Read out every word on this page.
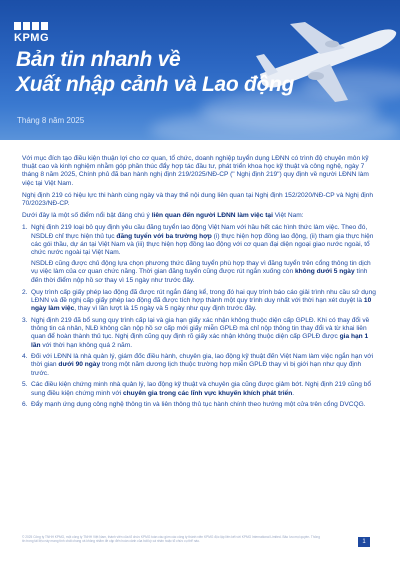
KPMG
Bản tin nhanh về
Xuất nhập cảnh và Lao động
Tháng 8 năm 2025

Với mục đích tạo điều kiện thuận lợi cho cơ quan, tổ chức, doanh nghiệp tuyển dụng LĐNN có trình độ chuyên môn kỹ thuật cao và kinh nghiệm nhằm góp phần thúc đẩy hợp tác đầu tư, phát triển khoa học kỹ thuật và công nghệ, ngày 7 tháng 8 năm 2025, Chính phủ đã ban hành nghị định 219/2025/NĐ-CP (" Nghị định 219") quy định về người LĐNN làm việc tại Việt Nam.

Nghị định 219 có hiệu lực thi hành cùng ngày và thay thế nội dung liên quan tại Nghị định 152/2020/NĐ-CP và Nghị định 70/2023/NĐ-CP.

Dưới đây là một số điểm nổi bật đáng chú ý liên quan đến người LĐNN làm việc tại Việt Nam:

1. Nghị định 219 loại bỏ quy định yêu cầu đăng tuyển lao động Việt Nam với hầu hết các hình thức làm việc. Theo đó, NSDLĐ chỉ thực hiện thủ tục đăng tuyển với ba trường hợp (i) thực hiện hợp đồng lao động, (ii) tham gia thực hiện các gói thầu, dự án tại Việt Nam và (iii) thực hiện hợp đồng lao động với cơ quan đại diện ngoại giao nước ngoài, tổ chức nước ngoài tại Việt Nam.

NSDLĐ cũng được chủ động lựa chọn phương thức đăng tuyển phù hợp thay vì đăng tuyển trên cổng thông tin dịch vụ việc làm của cơ quan chức năng. Thời gian đăng tuyển cũng được rút ngắn xuống còn không dưới 5 ngày tính đến thời điểm nộp hồ sơ thay vì 15 ngày như trước đây.

2. Quy trình cấp giấy phép lao động đã được rút ngắn đáng kể, trong đó hai quy trình báo cáo giải trình nhu cầu sử dụng LĐNN và đề nghị cấp giấy phép lao động đã được tích hợp thành một quy trình duy nhất với thời hạn xét duyệt là 10 ngày làm việc, thay vì lần lượt là 15 ngày và 5 ngày như quy định trước đây.
3. Nghị định 219 đã bổ sung quy trình cấp lại và gia hạn giấy xác nhận không thuộc diện cấp GPLĐ. Khi có thay đổi về thông tin cá nhân, NLĐ không cần nộp hồ sơ cấp mới giấy miễn GPLĐ mà chỉ nộp thông tin thay đổi và từ khai liên quan để hoàn thành thủ tục. Nghị định cũng quy định rõ giấy xác nhận không thuộc diện cấp GPLĐ được gia hạn 1 lần với thời hạn không quá 2 năm.
4. Đối với LĐNN là nhà quản lý, giám đốc điều hành, chuyên gia, lao động kỹ thuật đến Việt Nam làm việc ngắn hạn với thời gian dưới 90 ngày trong một năm dương lịch thuộc trường hợp miễn GPLĐ thay vì bị giới hạn như quy định trước.
5. Các điều kiện chứng minh nhà quản lý, lao động kỹ thuật và chuyên gia cũng được giảm bớt. Nghị định 219 cũng bổ sung điều kiện chứng minh với chuyên gia trong các lĩnh vực khuyến khích phát triển.
6. Đẩy mạnh ứng dụng công nghệ thông tin và liên thông thủ tục hành chính theo hướng một cửa trên cổng DVCQG.
© 2025 Công ty TNHH KPMG, một công ty TNHH Việt Nam, thành viên của tổ chức KPMG toàn cầu gồm các công ty thành viên KPMG độc lập liên kết với KPMG International Limited. Bảo lưu mọi quyền. Thông tin trong tài liệu này mang tính chất chung và không nhằm đề cập đến hoàn cảnh của bất kỳ cá nhân hoặc tổ chức cụ thể nào.	1
